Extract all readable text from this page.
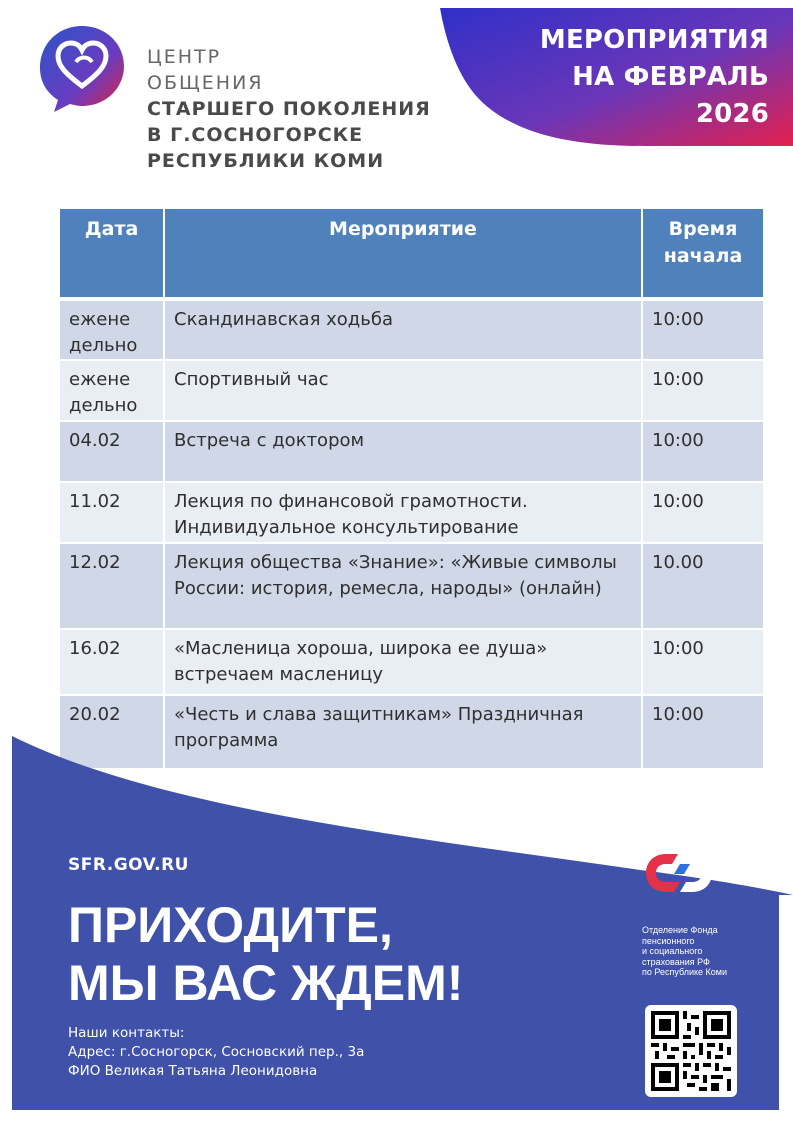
ЦЕНТР
ОБЩЕНИЯ
СТАРШЕГО ПОКОЛЕНИЯ
В Г.СОСНОГОРСКЕ
РЕСПУБЛИКИ КОМИ
МЕРОПРИЯТИЯ
НА ФЕВРАЛЬ
2026
Дата	Мероприятие	Время начала
ежене дельно	Скандинавская ходьба	10:00
ежене дельно	Спортивный час	10:00
04.02	Встреча с доктором	10:00
11.02	Лекция по финансовой грамотности. Индивидуальное консультирование	10:00
12.02	Лекция общества «Знание»: «Живые символы России: история, ремесла, народы» (онлайн)	10.00
16.02	«Масленица хороша, широка ее душа» встречаем масленицу	10:00
20.02	«Честь и слава защитникам» Праздничная программа	10:00
SFR.GOV.RU
ПРИХОДИТЕ,
МЫ ВАС ЖДЕМ!
Наши контакты:
Адрес: г.Сосногорск, Сосновский пер., 3а
ФИО Великая Татьяна Леонидовна
Отделение Фонда
пенсионного
и социального
страхования РФ
по Республике Коми
